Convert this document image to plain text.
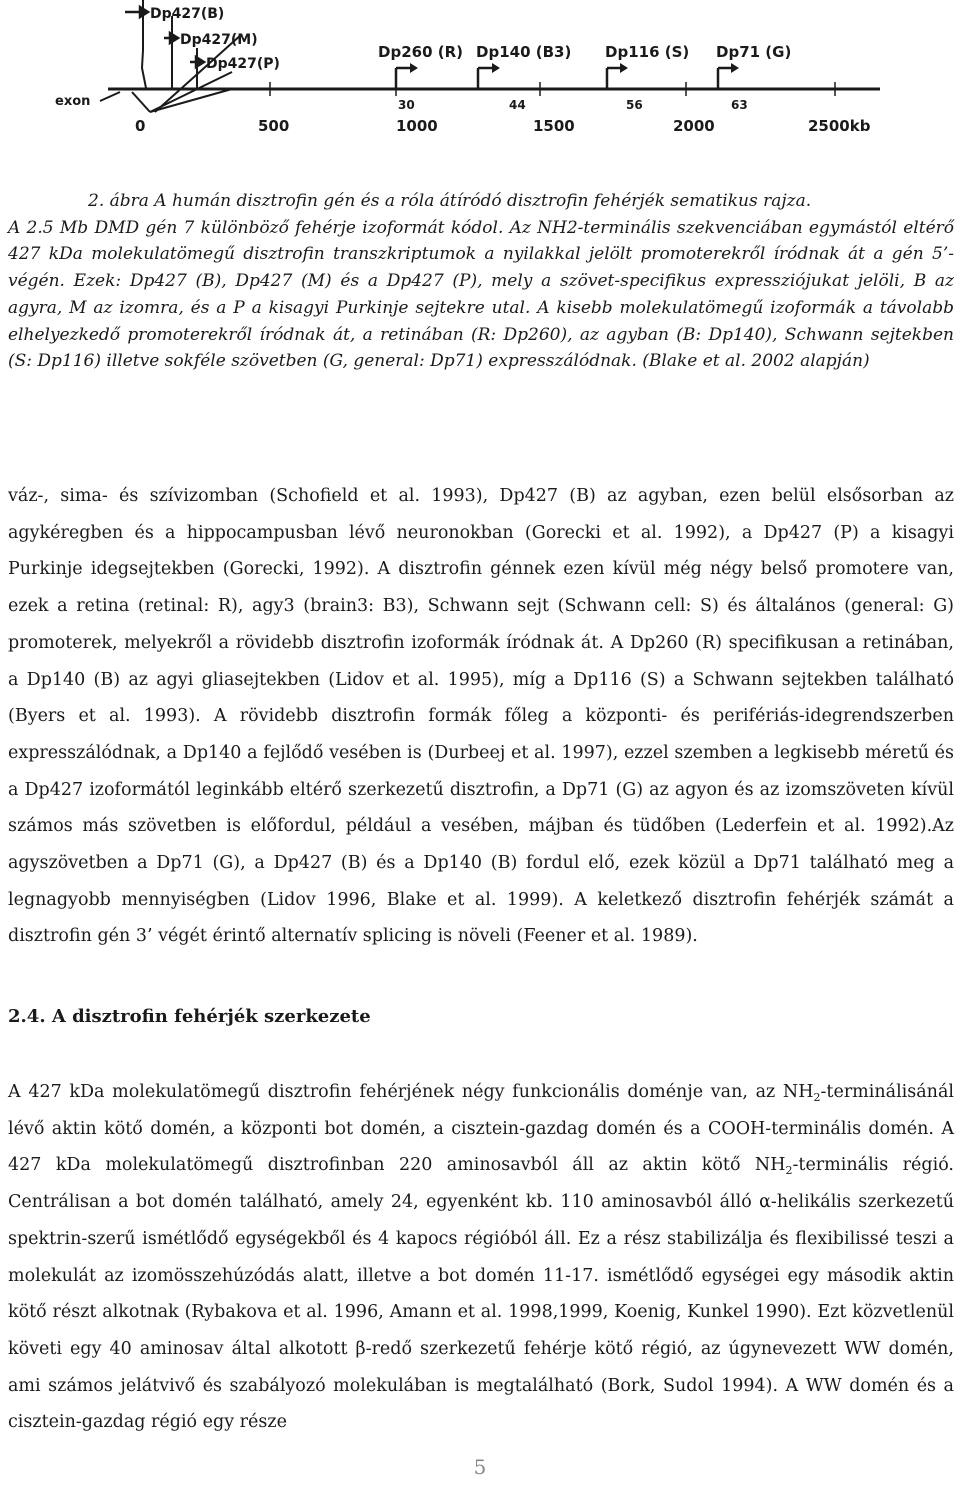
exon
Dp427(B)
Dp427(M)
Dp427(P)
Dp260 (R)
30
1000
Dp140 (B3)
44
1500
Dp116 (S)
56
2000
Dp71 (G)
63
2500kb
0	500
2. ábra A humán disztrofin gén és a róla átíródó disztrofin fehérjék sematikus rajza.
A 2.5 Mb DMD gén 7 különböző fehérje izoformát kódol. Az NH2-terminális szekvenciában egymástól eltérő 427 kDa molekulatömegű disztrofin transzkriptumok a nyilakkal jelölt promoterekről íródnak át a gén 5’-végén. Ezek: Dp427 (B), Dp427 (M) és a Dp427 (P), mely a szövet-specifikus expressziójukat jelöli, B az agyra, M az izomra, és a P a kisagyi Purkinje sejtekre utal. A kisebb molekulatömegű izoformák a távolabb elhelyezkedő promoterekről íródnak át, a retinában (R: Dp260), az agyban (B: Dp140), Schwann sejtekben (S: Dp116) illetve sokféle szövetben (G, general: Dp71) expresszálódnak. (Blake et al. 2002 alapján)

váz-, sima- és szívizomban (Schofield et al. 1993), Dp427 (B) az agyban, ezen belül elsősorban az agykéregben és a hippocampusban lévő neuronokban (Gorecki et al. 1992), a Dp427 (P) a kisagyi Purkinje idegsejtekben (Gorecki, 1992). A disztrofin génnek ezen kívül még négy belső promotere van, ezek a retina (retinal: R), agy3 (brain3: B3), Schwann sejt (Schwann cell: S) és általános (general: G) promoterek, melyekről a rövidebb disztrofin izoformák íródnak át. A Dp260 (R) specifikusan a retinában, a Dp140 (B) az agyi gliasejtekben (Lidov et al. 1995), míg a Dp116 (S) a Schwann sejtekben található (Byers et al. 1993). A rövidebb disztrofin formák főleg a központi- és perifériás-idegrendszerben expresszálódnak, a Dp140 a fejlődő vesében is (Durbeej et al. 1997), ezzel szemben a legkisebb méretű és a Dp427 izoformától leginkább eltérő szerkezetű disztrofin, a Dp71 (G) az agyon és az izomszöveten kívül számos más szövetben is előfordul, például a vesében, májban és tüdőben (Lederfein et al. 1992).Az agyszövetben a Dp71 (G), a Dp427 (B) és a Dp140 (B) fordul elő, ezek közül a Dp71 található meg a legnagyobb mennyiségben (Lidov 1996, Blake et al. 1999). A keletkező disztrofin fehérjék számát a disztrofin gén 3’ végét érintő alternatív splicing is növeli (Feener et al. 1989).

2.4. A disztrofin fehérjék szerkezete

A 427 kDa molekulatömegű disztrofin fehérjének négy funkcionális doménje van, az $NH_2$-terminálisánál lévő aktin kötő domén, a központi bot domén, a cisztein-gazdag domén és a COOH-terminális domén. A 427 kDa molekulatömegű disztrofinban 220 aminosavból áll az aktin kötő $NH_2$-terminális régió. Centrálisan a bot domén található, amely 24, egyenként kb. 110 aminosavból álló α-helikális szerkezetű spektrin-szerű ismétlődő egységekből és 4 kapocs régióból áll. Ez a rész stabilizálja és flexibilissé teszi a molekulát az izomösszehúzódás alatt, illetve a bot domén 11-17. ismétlődő egységei egy második aktin kötő részt alkotnak (Rybakova et al. 1996, Amann et al. 1998,1999, Koenig, Kunkel 1990). Ezt közvetlenül követi egy 40 aminosav által alkotott β-redő szerkezetű fehérje kötő régió, az úgynevezett WW domén, ami számos jelátvivő és szabályozó molekulában is megtalálható (Bork, Sudol 1994). A WW domén és a cisztein-gazdag régió egy része

5
